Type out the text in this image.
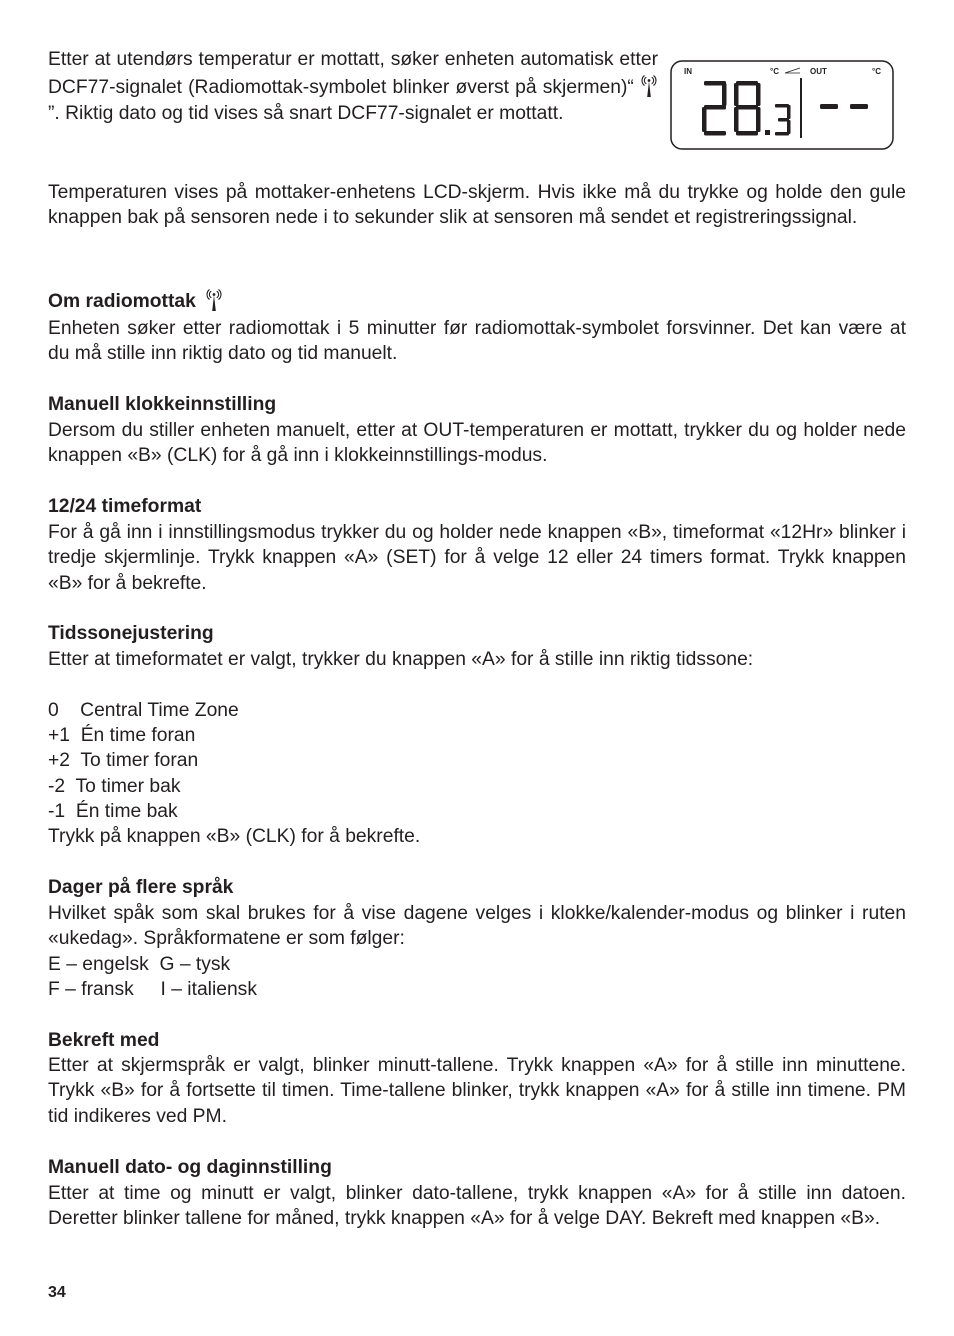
Etter at utendørs temperatur er mottatt, søker enheten automatisk etter DCF77-signalet (Radiomottak-symbolet blinker øverst på skjermen)“  ”. Riktig dato og tid vises så snart DCF77-signalet er mottatt.

IN	°C	OUT	°C

Temperaturen vises på mottaker-enhetens LCD-skjerm. Hvis ikke må du trykke og holde den gule knappen bak på sensoren nede i to sekunder slik at sensoren må sendet et registreringssignal.

Om radiomottak

Enheten søker etter radiomottak i 5 minutter før radiomottak-symbolet forsvinner. Det kan være at du må stille inn riktig dato og tid manuelt.

Manuell klokkeinnstilling

Dersom du stiller enheten manuelt, etter at OUT-temperaturen er mottatt, trykker du og holder nede knappen «B» (CLK) for å gå inn i klokkeinnstillings-modus.

12/24 timeformat

For å gå inn i innstillingsmodus trykker du og holder nede knappen «B», timeformat «12Hr» blinker i tredje skjermlinje. Trykk knappen «A» (SET) for å velge 12 eller 24 timers format. Trykk knappen «B» for å bekrefte.

Tidssonejustering

Etter at timeformatet er valgt, trykker du knappen «A» for å stille inn riktig tidssone:

0    Central Time Zone

+1  Én time foran

+2  To timer foran

-2  To timer bak

-1  Én time bak

Trykk på knappen «B» (CLK) for å bekrefte.

Dager på flere språk

Hvilket spåk som skal brukes for å vise dagene velges i klokke/kalender-modus og blinker i ruten «ukedag». Språkformatene er som følger:

E – engelsk  G – tysk

F – fransk     I – italiensk

Bekreft med

Etter at skjermspråk er valgt, blinker minutt-tallene. Trykk knappen «A» for å stille inn minuttene. Trykk «B» for å fortsette til timen. Time-tallene blinker, trykk knappen «A» for å stille inn timene. PM tid indikeres ved PM.

Manuell dato- og daginnstilling

Etter at time og minutt er valgt, blinker dato-tallene, trykk knappen «A» for å stille inn datoen. Deretter blinker tallene for måned, trykk knappen «A» for å velge DAY. Bekreft med knappen «B».

34
